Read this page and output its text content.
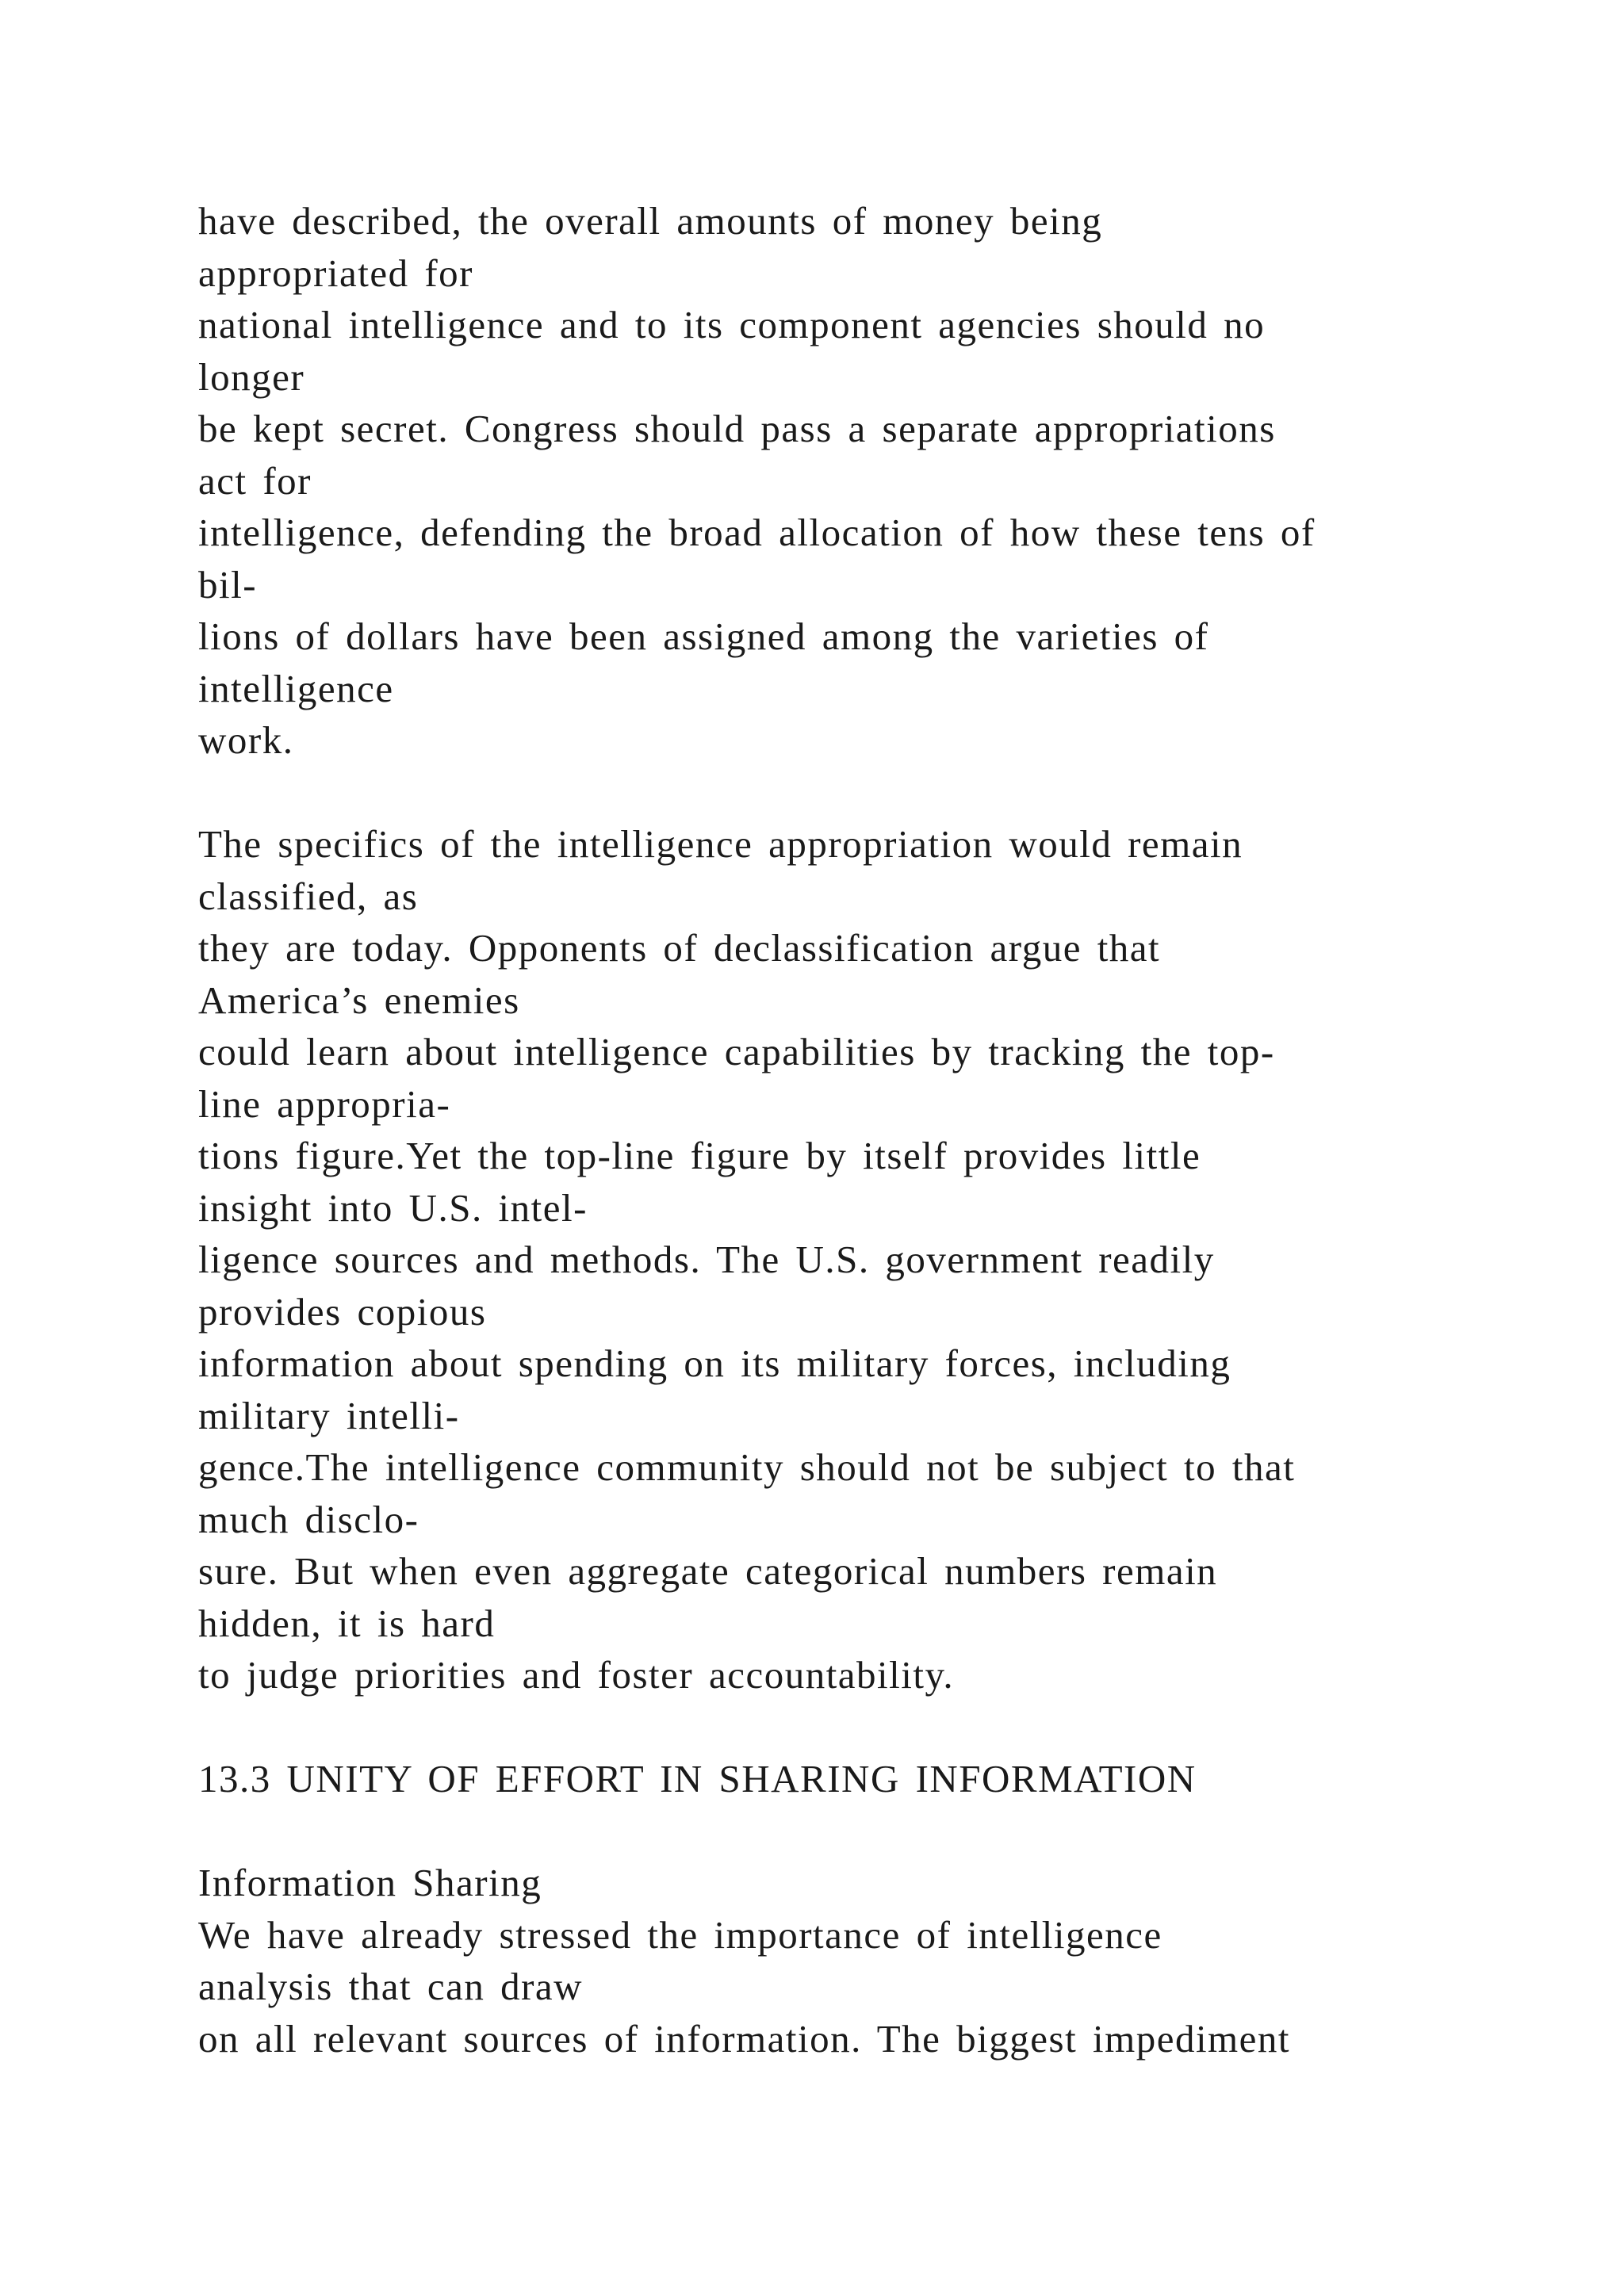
have described, the overall amounts of money being
appropriated for
national intelligence and to its component agencies should no
longer
be kept secret. Congress should pass a separate appropriations
act for
intelligence, defending the broad allocation of how these tens of
bil-
lions of dollars have been assigned among the varieties of
intelligence
work.
The specifics of the intelligence appropriation would remain
classified, as
they are today. Opponents of declassification argue that
America’s enemies
could learn about intelligence capabilities by tracking the top-
line appropria-
tions figure.Yet the top-line figure by itself provides little
insight into U.S. intel-
ligence sources and methods. The U.S. government readily
provides copious
information about spending on its military forces, including
military intelli-
gence.The intelligence community should not be subject to that
much disclo-
sure. But when even aggregate categorical numbers remain
hidden, it is hard
to judge priorities and foster accountability.
13.3 UNITY OF EFFORT IN SHARING INFORMATION
Information Sharing
We have already stressed the importance of intelligence
analysis that can draw
on all relevant sources of information. The biggest impediment
